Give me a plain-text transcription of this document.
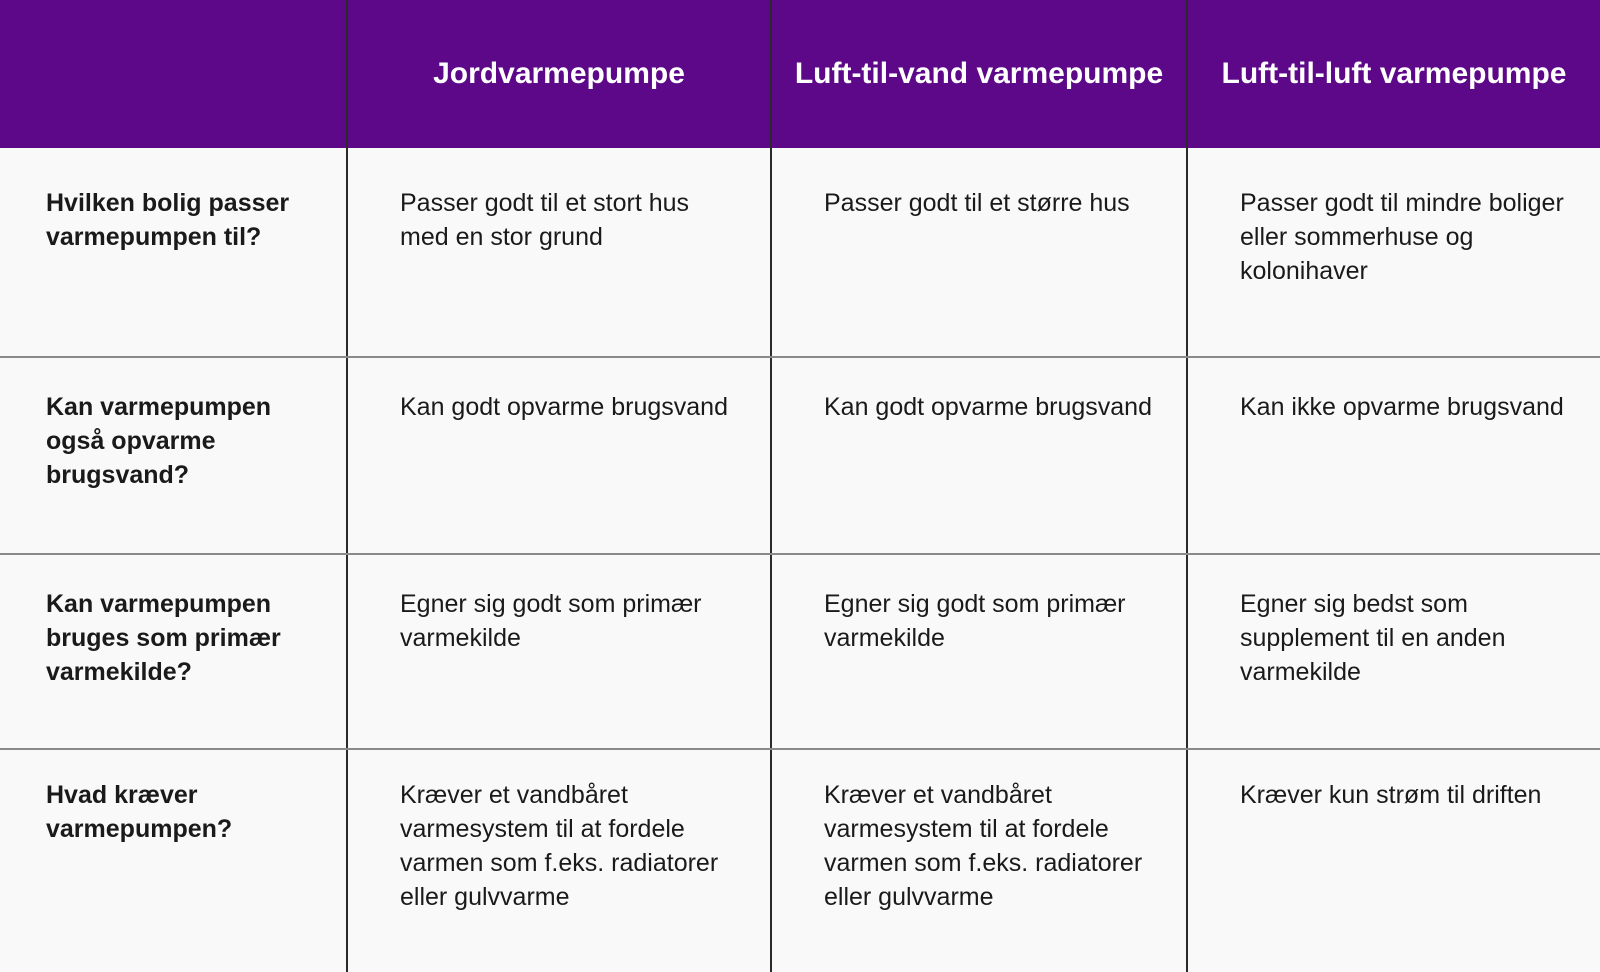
	Jordvarmepumpe	Luft-til-vand varmepumpe	Luft-til-luft varmepumpe
Hvilken bolig passer varmepumpen til?	Passer godt til et stort hus med en stor grund	Passer godt til et større hus	Passer godt til mindre boliger eller sommerhuse og kolonihaver
Kan varmepumpen også opvarme brugsvand?	Kan godt opvarme brugsvand	Kan godt opvarme brugsvand	Kan ikke opvarme brugsvand
Kan varmepumpen bruges som primær varmekilde?	Egner sig godt som primær varmekilde	Egner sig godt som primær varmekilde	Egner sig bedst som supplement til en anden varmekilde
Hvad kræver varmepumpen?	Kræver et vandbåret varmesystem til at fordele varmen som f.eks. radiatorer eller gulvvarme	Kræver et vandbåret varmesystem til at fordele varmen som f.eks. radiatorer eller gulvvarme	Kræver kun strøm til driften
